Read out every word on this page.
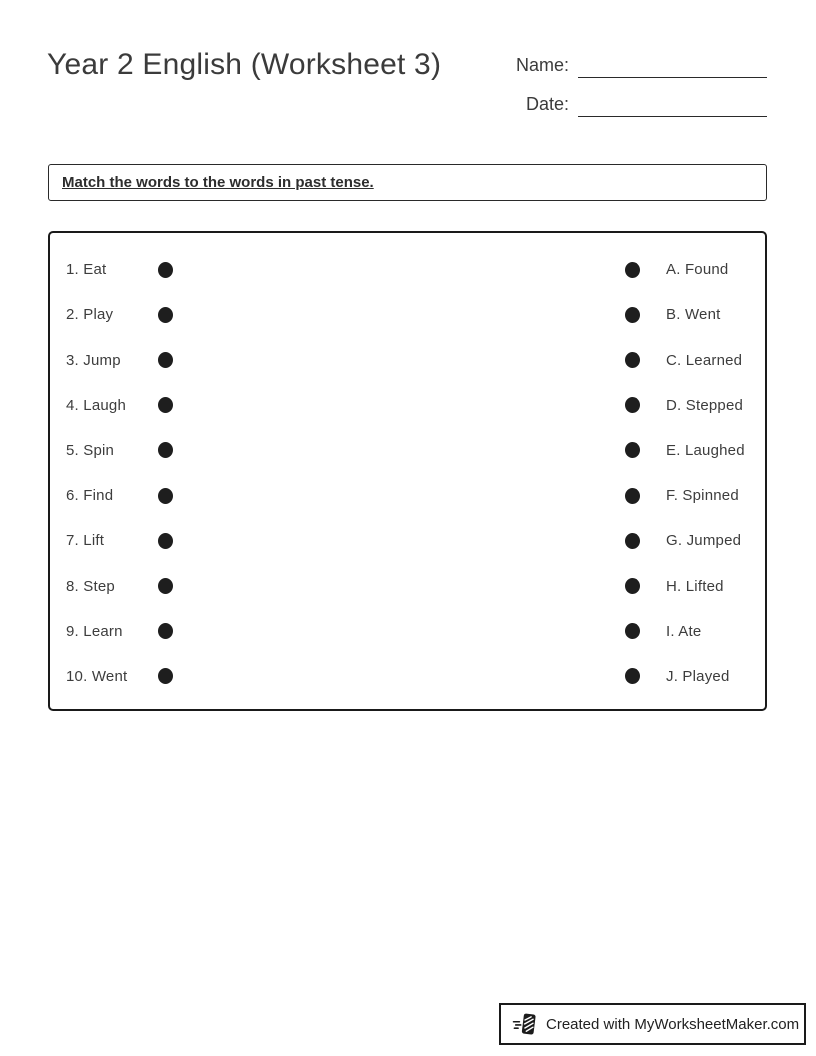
Year 2 English (Worksheet 3)	Name:
Date:
Match the words to the words in past tense.
1. Eat
2. Play
3. Jump
4. Laugh
5. Spin
6. Find
7. Lift
8. Step
9. Learn
10. Went
A. Found
B. Went
C. Learned
D. Stepped
E. Laughed
F. Spinned
G. Jumped
H. Lifted
I. Ate
J. Played
Created with MyWorksheetMaker.com
